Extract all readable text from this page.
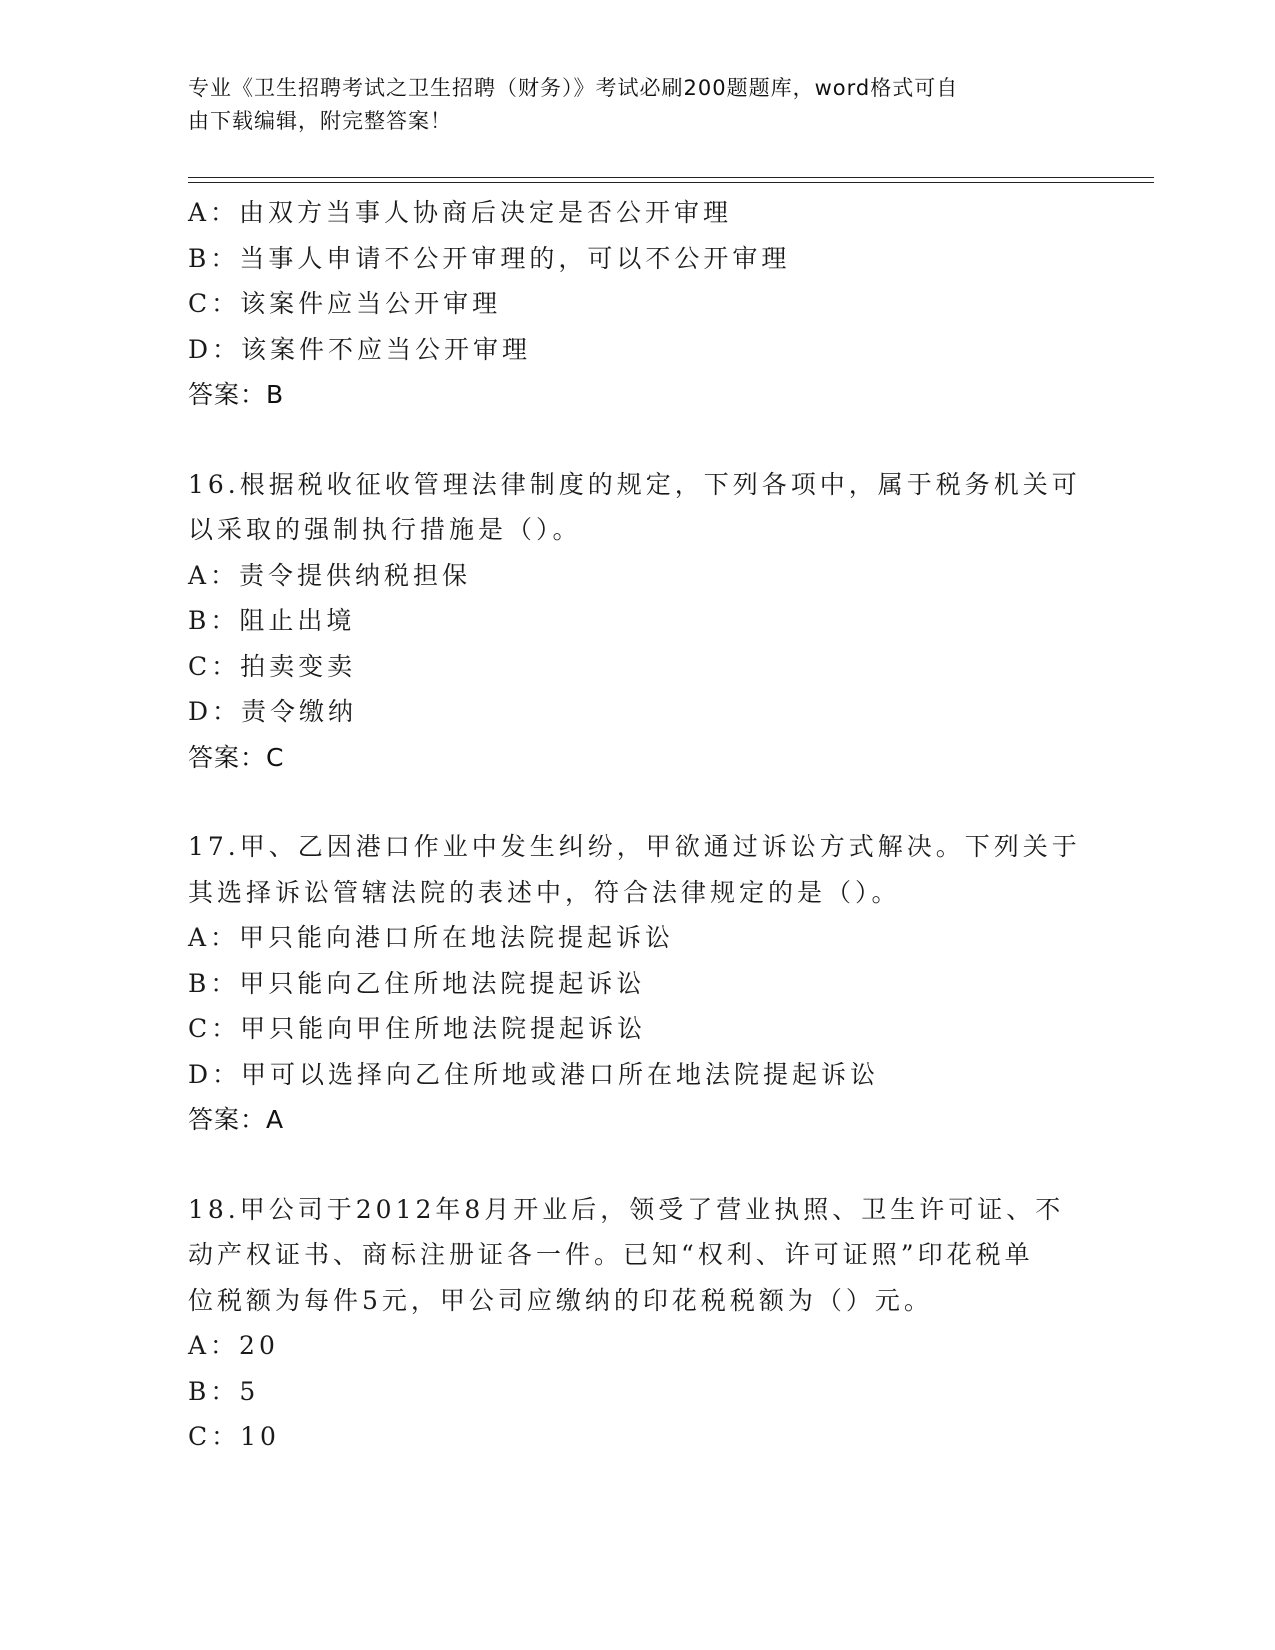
专业《卫生招聘考试之卫生招聘（财务）》考试必刷200题题库，word格式可自
由下载编辑，附完整答案！
A：由双方当事人协商后决定是否公开审理
B：当事人申请不公开审理的，可以不公开审理
C：该案件应当公开审理
D：该案件不应当公开审理
答案：B
16.根据税收征收管理法律制度的规定，下列各项中，属于税务机关可
以采取的强制执行措施是（）。
A：责令提供纳税担保
B：阻止出境
C：拍卖变卖
D：责令缴纳
答案：C
17.甲、乙因港口作业中发生纠纷，甲欲通过诉讼方式解决。下列关于
其选择诉讼管辖法院的表述中，符合法律规定的是（）。
A：甲只能向港口所在地法院提起诉讼
B：甲只能向乙住所地法院提起诉讼
C：甲只能向甲住所地法院提起诉讼
D：甲可以选择向乙住所地或港口所在地法院提起诉讼
答案：A
18.甲公司于2012年8月开业后，领受了营业执照、卫生许可证、不
动产权证书、商标注册证各一件。已知“权利、许可证照”印花税单
位税额为每件5元，甲公司应缴纳的印花税税额为（）元。
A：20
B：5
C：10
